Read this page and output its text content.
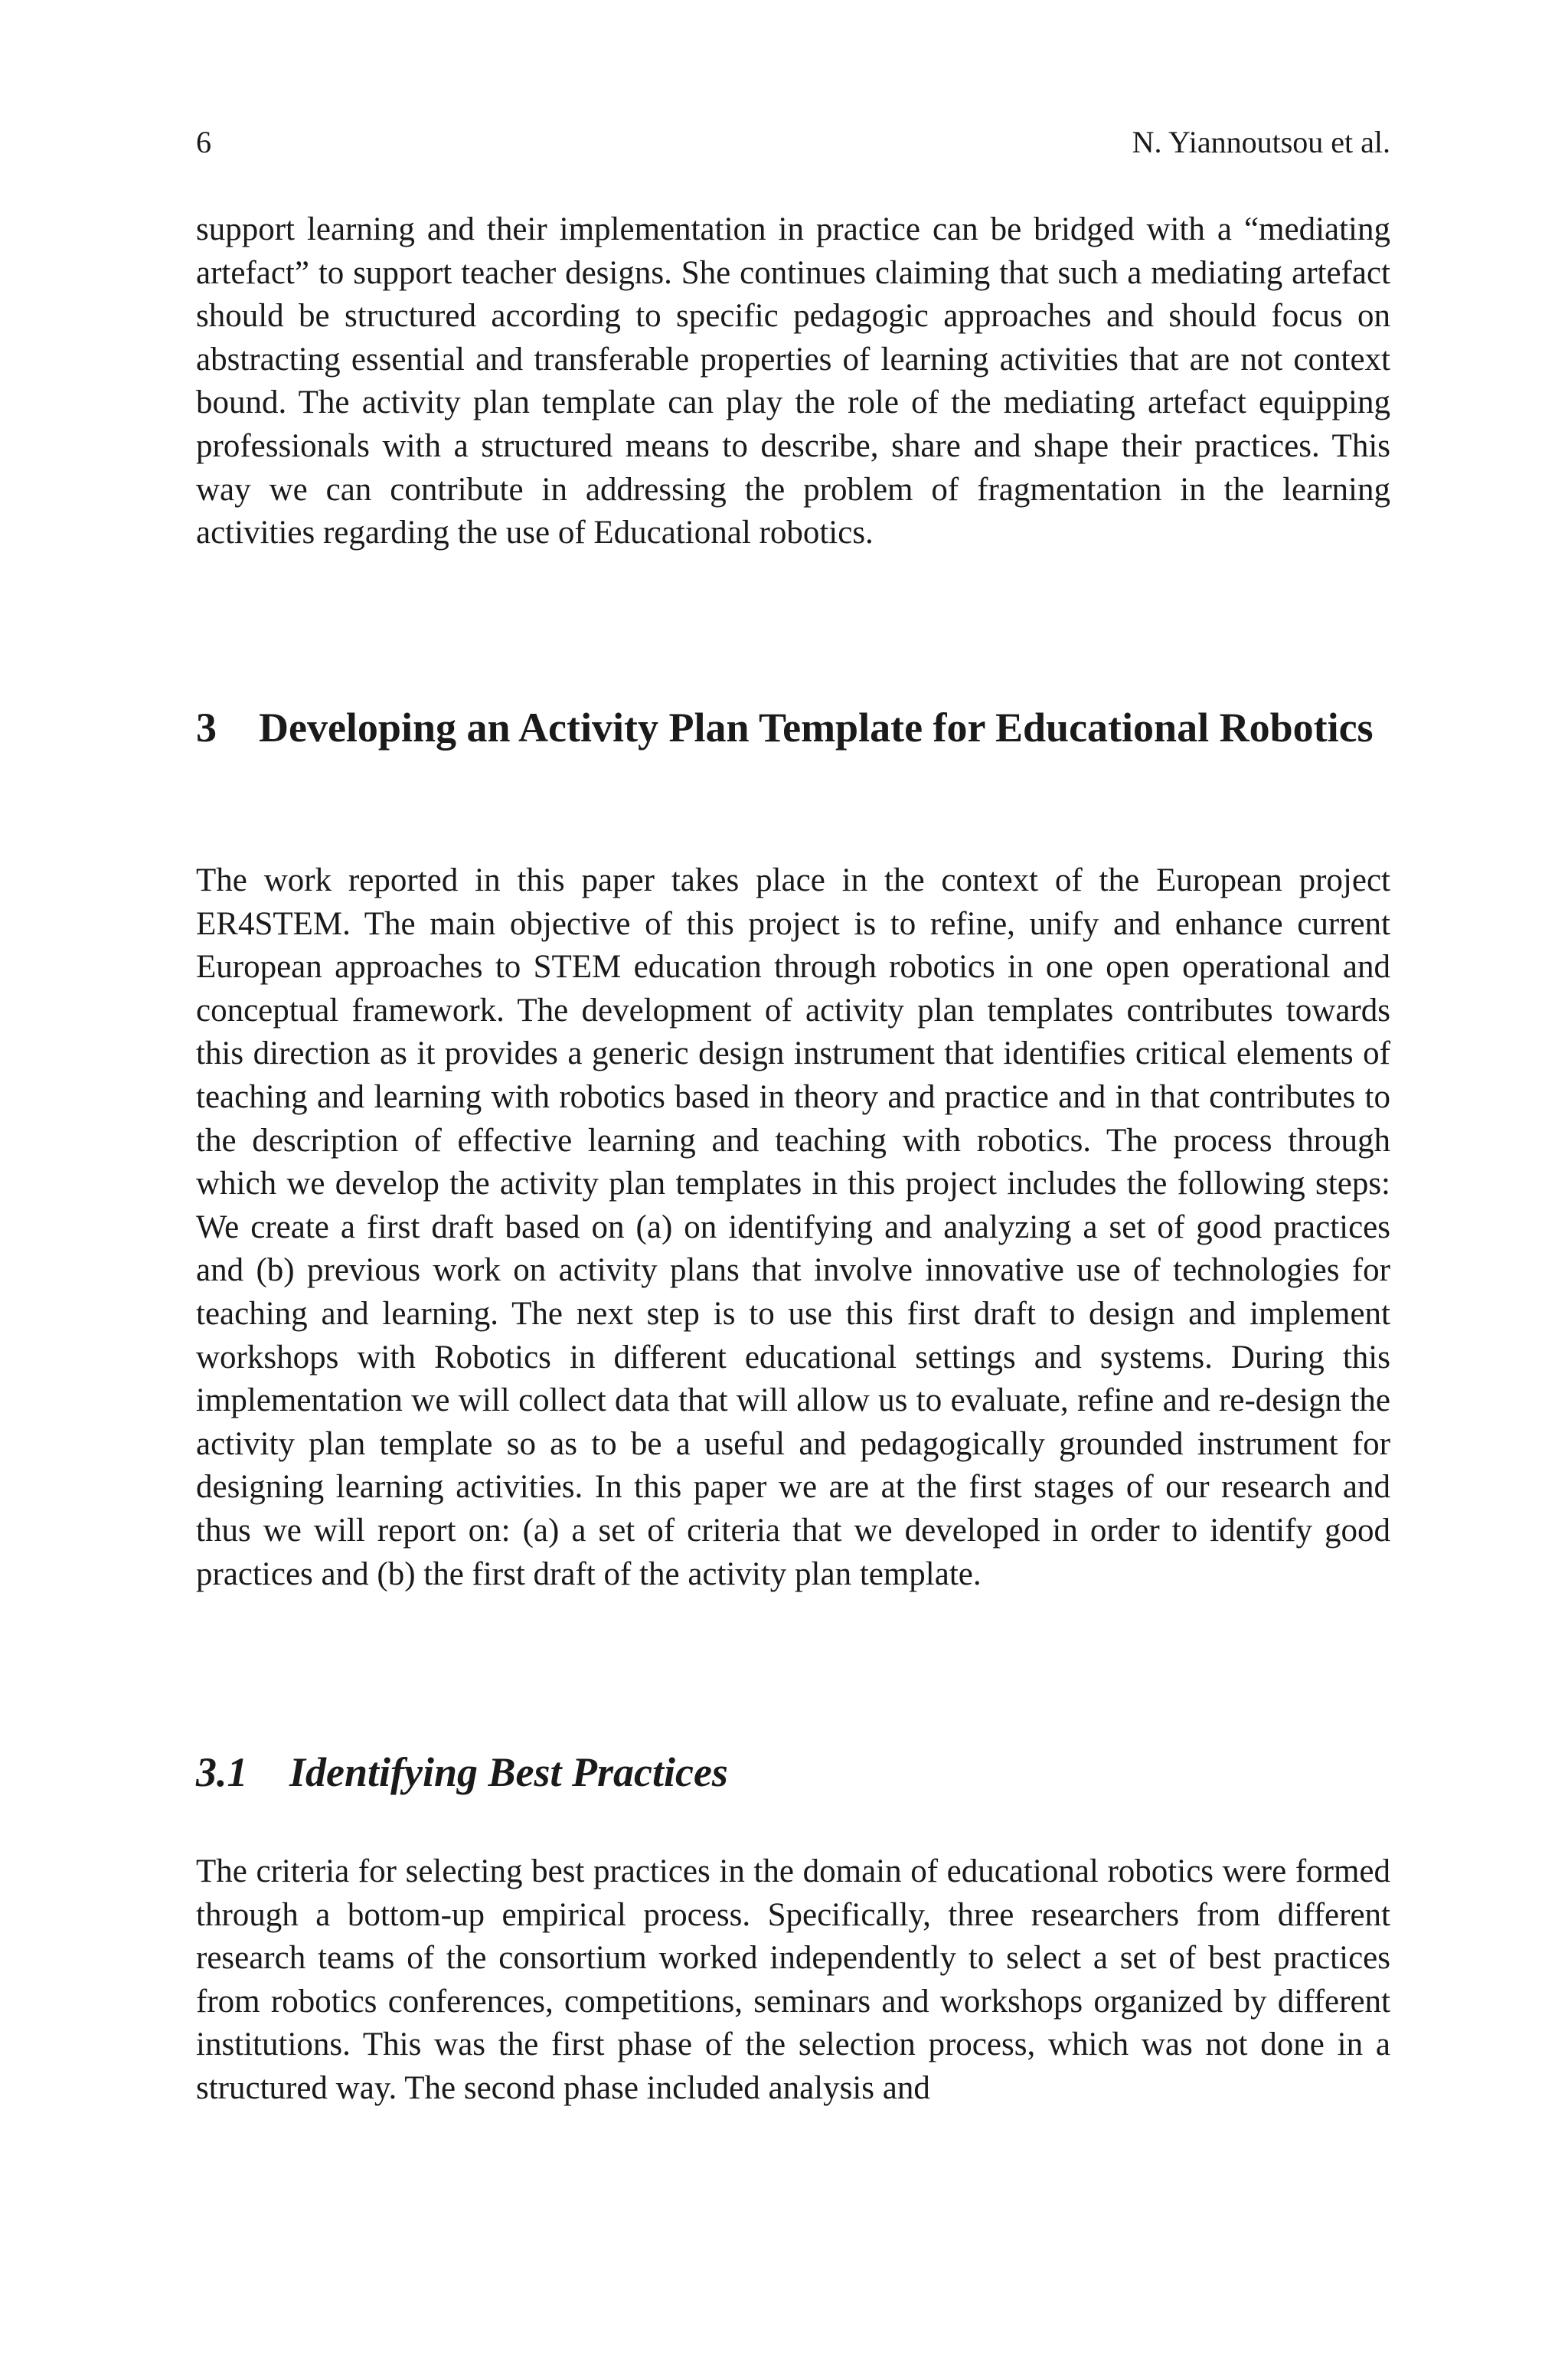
6	N. Yiannoutsou et al.

support learning and their implementation in practice can be bridged with a “mediating artefact” to support teacher designs. She continues claiming that such a mediating artefact should be structured according to specific pedagogic approaches and should focus on abstracting essential and transferable properties of learning activities that are not context bound. The activity plan template can play the role of the mediating artefact equipping professionals with a structured means to describe, share and shape their practices. This way we can contribute in addressing the problem of fragmentation in the learning activities regarding the use of Educational robotics.

3 Developing an Activity Plan Template for Educational Robotics

The work reported in this paper takes place in the context of the European project ER4STEM. The main objective of this project is to refine, unify and enhance current European approaches to STEM education through robotics in one open operational and conceptual framework. The development of activity plan templates contributes towards this direction as it provides a generic design instrument that identifies critical elements of teaching and learning with robotics based in theory and practice and in that contributes to the description of effective learning and teaching with robotics. The process through which we develop the activity plan templates in this project includes the following steps: We create a first draft based on (a) on identifying and analyzing a set of good practices and (b) previous work on activity plans that involve innovative use of technologies for teaching and learning. The next step is to use this first draft to design and implement workshops with Robotics in different educational settings and systems. During this implementation we will collect data that will allow us to evaluate, refine and re-design the activity plan template so as to be a useful and pedagogically grounded instrument for designing learning activities. In this paper we are at the first stages of our research and thus we will report on: (a) a set of criteria that we developed in order to identify good practices and (b) the first draft of the activity plan template.

3.1 Identifying Best Practices

The criteria for selecting best practices in the domain of educational robotics were formed through a bottom-up empirical process. Specifically, three researchers from different research teams of the consortium worked independently to select a set of best practices from robotics conferences, competitions, seminars and workshops organized by different institutions. This was the first phase of the selection process, which was not done in a structured way. The second phase included analysis and
